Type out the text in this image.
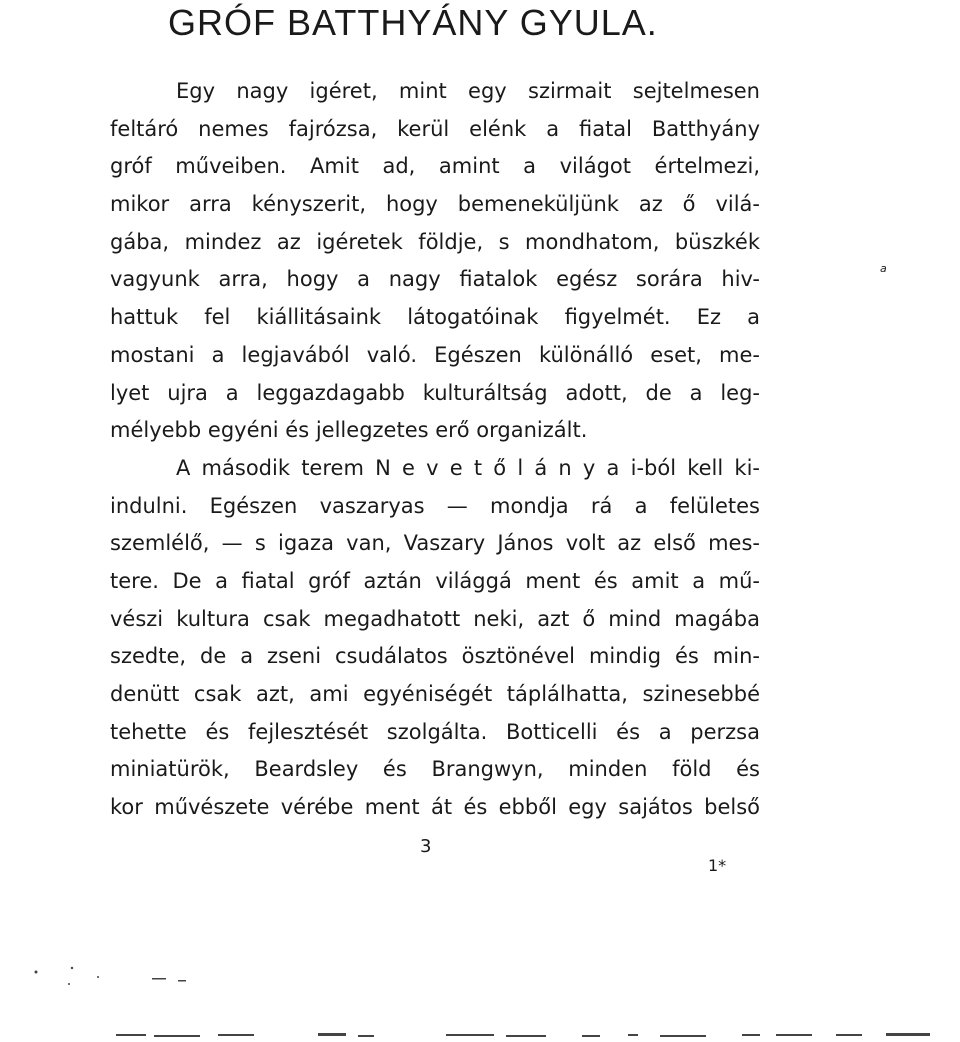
GRÓF BATTHYÁNY GYULA.
a
Egy nagy igéret, mint egy szirmait sejtelmesen
feltáró nemes fajrózsa, kerül elénk a fiatal Batthyány
gróf műveiben. Amit ad, amint a világot értelmezi,
mikor arra kényszerit, hogy bemeneküljünk az ő vilá-
gába, mindez az igéretek földje, s mondhatom, büszkék
vagyunk arra, hogy a nagy fiatalok egész sorára hiv-
hattuk fel kiállitásaink látogatóinak figyelmét. Ez a
mostani a legjavából való. Egészen különálló eset, me-
lyet ujra a leggazdagabb kulturáltság adott, de a leg-
mélyebb egyéni és jellegzetes erő organizált.
A második terem N e v e t ő l á n y a i-ból kell ki-
indulni. Egészen vaszaryas — mondja rá a felületes
szemlélő, — s igaza van, Vaszary János volt az első mes-
tere. De a fiatal gróf aztán világgá ment és amit a mű-
vészi kultura csak megadhatott neki, azt ő mind magába
szedte, de a zseni csudálatos ösztönével mindig és min-
denütt csak azt, ami egyéniségét táplálhatta, szinesebbé
tehette és fejlesztését szolgálta. Botticelli és a perzsa
miniatürök, Beardsley és Brangwyn, minden föld és
kor művészete vérébe ment át és ebből egy sajátos belső
3
1*
